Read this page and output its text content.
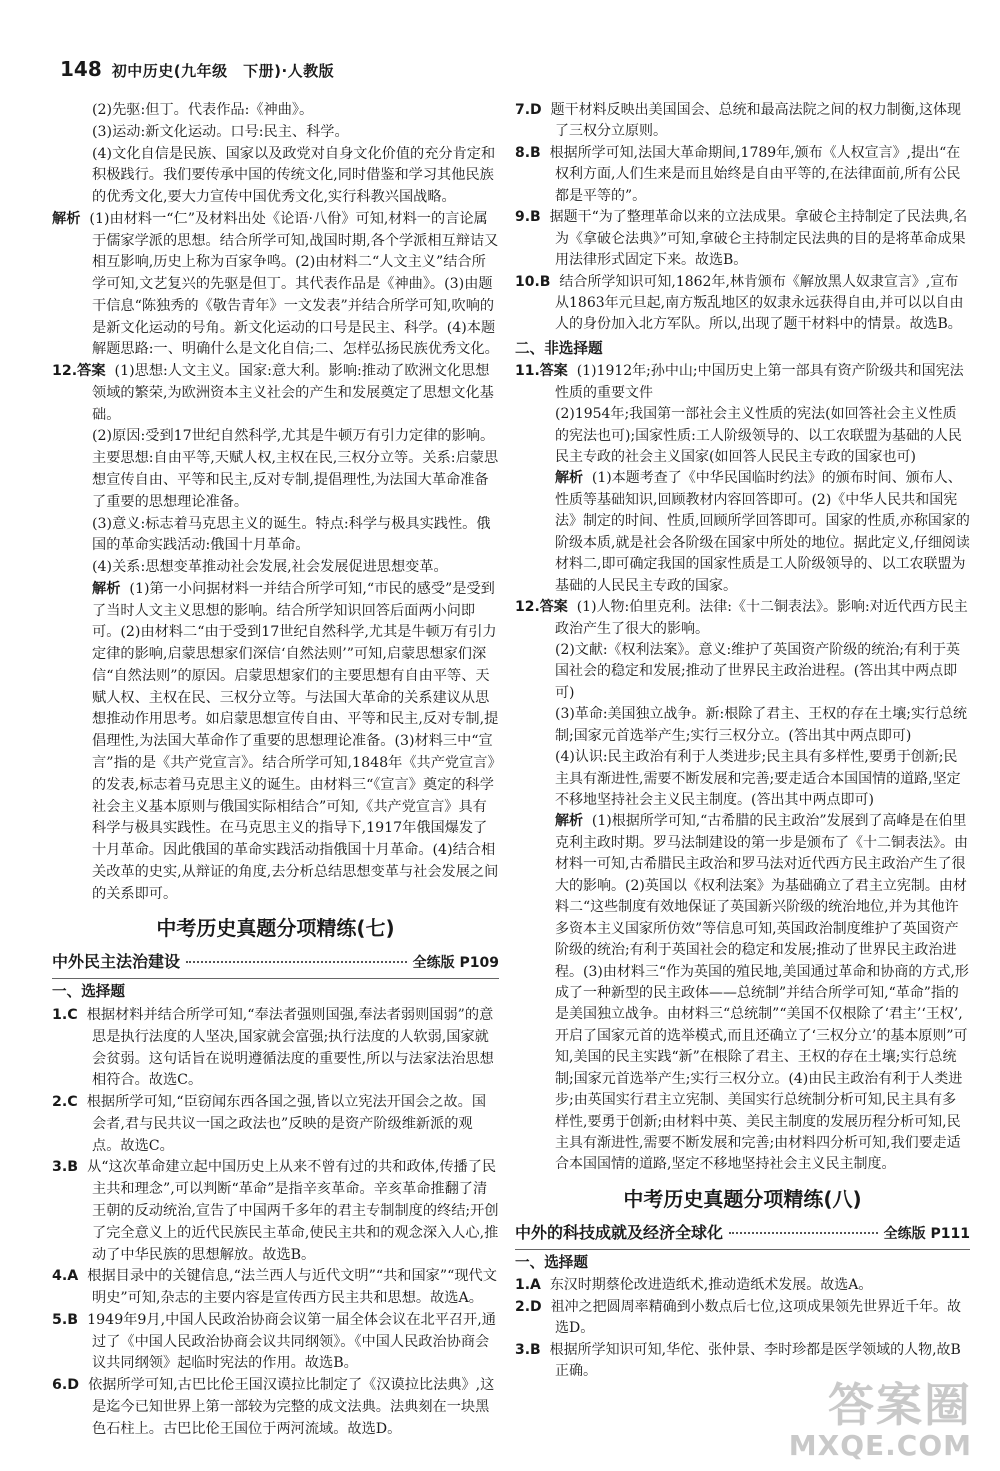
148 初中历史(九年级　下册)·人教版

(2)先驱:但丁。代表作品:《神曲》。

(3)运动:新文化运动。口号:民主、科学。

(4)文化自信是民族、国家以及政党对自身文化价值的充分肯定和积极践行。我们要传承中国的传统文化,同时借鉴和学习其他民族的优秀文化,要大力宣传中国优秀文化,实行科教兴国战略。

解析 (1)由材料一“仁”及材料出处《论语·八佾》可知,材料一的言论属于儒家学派的思想。结合所学可知,战国时期,各个学派相互辩诘又相互影响,历史上称为百家争鸣。(2)由材料二“人文主义”结合所学可知,文艺复兴的先驱是但丁。其代表作品是《神曲》。(3)由题干信息“陈独秀的《敬告青年》一文发表”并结合所学可知,吹响的是新文化运动的号角。新文化运动的口号是民主、科学。(4)本题解题思路:一、明确什么是文化自信;二、怎样弘扬民族优秀文化。

12.答案 (1)思想:人文主义。国家:意大利。影响:推动了欧洲文化思想领域的繁荣,为欧洲资本主义社会的产生和发展奠定了思想文化基础。

(2)原因:受到17世纪自然科学,尤其是牛顿万有引力定律的影响。主要思想:自由平等,天赋人权,主权在民,三权分立等。关系:启蒙思想宣传自由、平等和民主,反对专制,提倡理性,为法国大革命准备了重要的思想理论准备。

(3)意义:标志着马克思主义的诞生。特点:科学与极具实践性。俄国的革命实践活动:俄国十月革命。

(4)关系:思想变革推动社会发展,社会发展促进思想变革。

解析 (1)第一小问据材料一并结合所学可知,“市民的感受”是受到了当时人文主义思想的影响。结合所学知识回答后面两小问即可。(2)由材料二“由于受到17世纪自然科学,尤其是牛顿万有引力定律的影响,启蒙思想家们深信‘自然法则’”可知,启蒙思想家们深信“自然法则”的原因。启蒙思想家们的主要思想有自由平等、天赋人权、主权在民、三权分立等。与法国大革命的关系建议从思想推动作用思考。如启蒙思想宣传自由、平等和民主,反对专制,提倡理性,为法国大革命作了重要的思想理论准备。(3)材料三中“宣言”指的是《共产党宣言》。结合所学可知,1848年《共产党宣言》的发表,标志着马克思主义的诞生。由材料三“《宣言》奠定的科学社会主义基本原则与俄国实际相结合”可知,《共产党宣言》具有科学与极具实践性。在马克思主义的指导下,1917年俄国爆发了十月革命。因此俄国的革命实践活动指俄国十月革命。(4)结合相关改革的史实,从辩证的角度,去分析总结思想变革与社会发展之间的关系即可。

中考历史真题分项精练(七)
中外民主法治建设	全练版 P109
一、选择题

1.C 根据材料并结合所学可知,“奉法者强则国强,奉法者弱则国弱”的意思是执行法度的人坚决,国家就会富强;执行法度的人软弱,国家就会贫弱。这句话旨在说明遵循法度的重要性,所以与法家法治思想相符合。故选C。

2.C 根据所学可知,“臣窃闻东西各国之强,皆以立宪法开国会之故。国会者,君与民共议一国之政法也”反映的是资产阶级维新派的观点。故选C。

3.B 从“这次革命建立起中国历史上从来不曾有过的共和政体,传播了民主共和理念”,可以判断“革命”是指辛亥革命。辛亥革命推翻了清王朝的反动统治,宣告了中国两千多年的君主专制制度的终结;开创了完全意义上的近代民族民主革命,使民主共和的观念深入人心,推动了中华民族的思想解放。故选B。

4.A 根据目录中的关键信息,“法兰西人与近代文明”“共和国家”“现代文明史”可知,杂志的主要内容是宣传西方民主共和思想。故选A。

5.B 1949年9月,中国人民政治协商会议第一届全体会议在北平召开,通过了《中国人民政治协商会议共同纲领》。《中国人民政治协商会议共同纲领》起临时宪法的作用。故选B。

6.D 依据所学可知,古巴比伦王国汉谟拉比制定了《汉谟拉比法典》,这是迄今已知世界上第一部较为完整的成文法典。法典刻在一块黑色石柱上。古巴比伦王国位于两河流域。故选D。

7.D 题干材料反映出美国国会、总统和最高法院之间的权力制衡,这体现了三权分立原则。

8.B 根据所学可知,法国大革命期间,1789年,颁布《人权宣言》,提出“在权利方面,人们生来是而且始终是自由平等的,在法律面前,所有公民都是平等的”。

9.B 据题干“为了整理革命以来的立法成果。拿破仑主持制定了民法典,名为《拿破仑法典》”可知,拿破仑主持制定民法典的目的是将革命成果用法律形式固定下来。故选B。

10.B 结合所学知识可知,1862年,林肯颁布《解放黑人奴隶宣言》,宣布从1863年元旦起,南方叛乱地区的奴隶永远获得自由,并可以以自由人的身份加入北方军队。所以,出现了题干材料中的情景。故选B。

二、非选择题

11.答案 (1)1912年;孙中山;中国历史上第一部具有资产阶级共和国宪法性质的重要文件

(2)1954年;我国第一部社会主义性质的宪法(如回答社会主义性质的宪法也可);国家性质:工人阶级领导的、以工农联盟为基础的人民民主专政的社会主义国家(如回答人民民主专政的国家也可)

解析 (1)本题考查了《中华民国临时约法》的颁布时间、颁布人、性质等基础知识,回顾教材内容回答即可。(2)《中华人民共和国宪法》制定的时间、性质,回顾所学回答即可。国家的性质,亦称国家的阶级本质,就是社会各阶级在国家中所处的地位。据此定义,仔细阅读材料二,即可确定我国的国家性质是工人阶级领导的、以工农联盟为基础的人民民主专政的国家。

12.答案 (1)人物:伯里克利。法律:《十二铜表法》。影响:对近代西方民主政治产生了很大的影响。

(2)文献:《权利法案》。意义:维护了英国资产阶级的统治;有利于英国社会的稳定和发展;推动了世界民主政治进程。(答出其中两点即可)

(3)革命:美国独立战争。新:根除了君主、王权的存在土壤;实行总统制;国家元首选举产生;实行三权分立。(答出其中两点即可)

(4)认识:民主政治有利于人类进步;民主具有多样性,要勇于创新;民主具有渐进性,需要不断发展和完善;要走适合本国国情的道路,坚定不移地坚持社会主义民主制度。(答出其中两点即可)

解析 (1)根据所学可知,“古希腊的民主政治”发展到了高峰是在伯里克利主政时期。罗马法制建设的第一步是颁布了《十二铜表法》。由材料一可知,古希腊民主政治和罗马法对近代西方民主政治产生了很大的影响。(2)英国以《权利法案》为基础确立了君主立宪制。由材料二“这些制度有效地保证了英国新兴阶级的统治地位,并为其他许多资本主义国家所仿效”等信息可知,英国政治制度维护了英国资产阶级的统治;有利于英国社会的稳定和发展;推动了世界民主政治进程。(3)由材料三“作为英国的殖民地,美国通过革命和协商的方式,形成了一种新型的民主政体——总统制”并结合所学可知,“革命”指的是美国独立战争。由材料三“总统制”“美国不仅根除了‘君主’‘王权’,开启了国家元首的选举模式,而且还确立了‘三权分立’的基本原则”可知,美国的民主实践“新”在根除了君主、王权的存在土壤;实行总统制;国家元首选举产生;实行三权分立。(4)由民主政治有利于人类进步;由英国实行君主立宪制、美国实行总统制分析可知,民主具有多样性,要勇于创新;由材料中英、美民主制度的发展历程分析可知,民主具有渐进性,需要不断发展和完善;由材料四分析可知,我们要走适合本国国情的道路,坚定不移地坚持社会主义民主制度。

中考历史真题分项精练(八)
中外的科技成就及经济全球化	全练版 P111
一、选择题

1.A 东汉时期蔡伦改进造纸术,推动造纸术发展。故选A。

2.D 祖冲之把圆周率精确到小数点后七位,这项成果领先世界近千年。故选D。

3.B 根据所学知识可知,华佗、张仲景、李时珍都是医学领域的人物,故B正确。

答案圈
MXQE.COM
